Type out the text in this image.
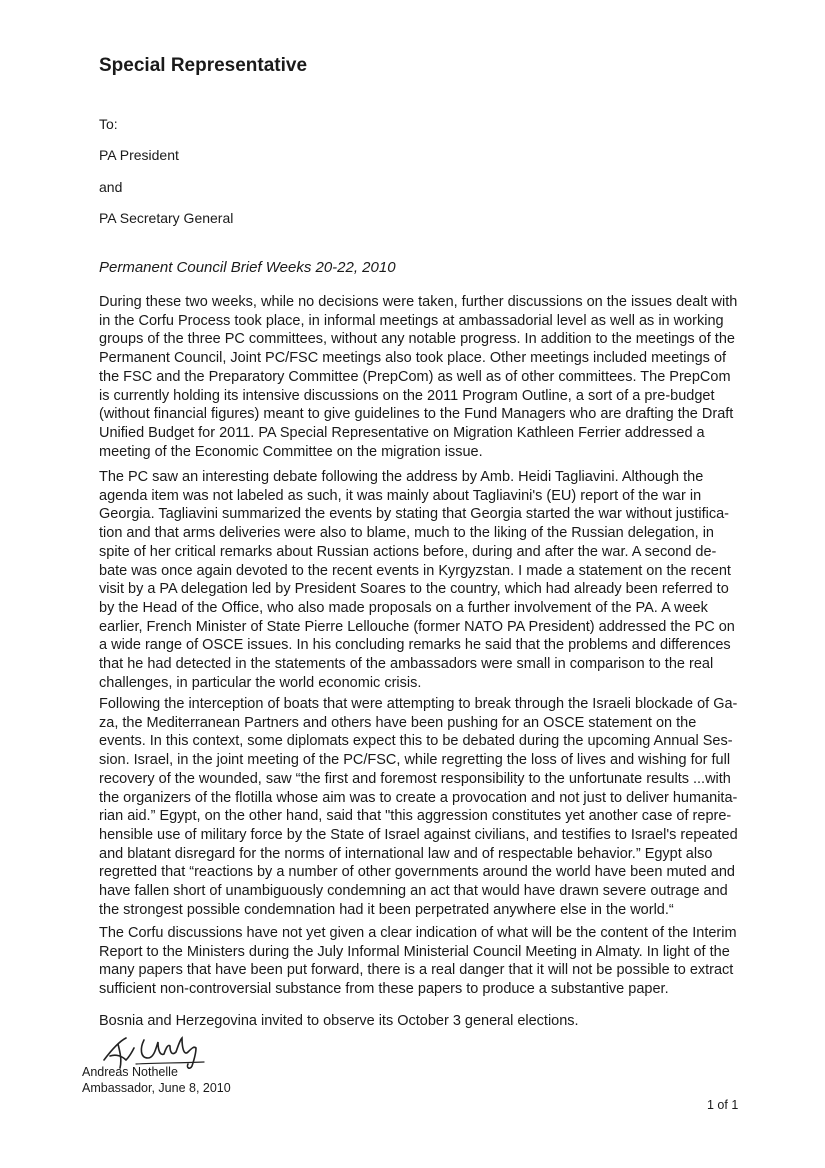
Special Representative

To:

PA President

and

PA Secretary General

Permanent Council Brief Weeks 20-22, 2010

During these two weeks, while no decisions were taken, further discussions on the issues dealt with
in the Corfu Process took place, in informal meetings at ambassadorial level as well as in working
groups of the three PC committees, without any notable progress. In addition to the meetings of the
Permanent Council, Joint PC/FSC meetings also took place. Other meetings included meetings of
the FSC and the Preparatory Committee (PrepCom) as well as of other committees. The PrepCom
is currently holding its intensive discussions on the 2011 Program Outline, a sort of a pre-budget
(without financial figures) meant to give guidelines to the Fund Managers who are drafting the Draft
Unified Budget for 2011. PA Special Representative on Migration Kathleen Ferrier addressed a
meeting of the Economic Committee on the migration issue.
The PC saw an interesting debate following the address by Amb. Heidi Tagliavini. Although the
agenda item was not labeled as such, it was mainly about Tagliavini's (EU) report of the war in
Georgia. Tagliavini summarized the events by stating that Georgia started the war without justifica-
tion and that arms deliveries were also to blame, much to the liking of the Russian delegation, in
spite of her critical remarks about Russian actions before, during and after the war. A second de-
bate was once again devoted to the recent events in Kyrgyzstan. I made a statement on the recent
visit by a PA delegation led by President Soares to the country, which had already been referred to
by the Head of the Office, who also made proposals on a further involvement of the PA. A week
earlier, French Minister of State Pierre Lellouche (former NATO PA President) addressed the PC on
a wide range of OSCE issues. In his concluding remarks he said that the problems and differences
that he had detected in the statements of the ambassadors were small in comparison to the real
challenges, in particular the world economic crisis.
Following the interception of boats that were attempting to break through the Israeli blockade of Ga-
za, the Mediterranean Partners and others have been pushing for an OSCE statement on the
events. In this context, some diplomats expect this to be debated during the upcoming Annual Ses-
sion. Israel, in the joint meeting of the PC/FSC, while regretting the loss of lives and wishing for full
recovery of the wounded, saw “the first and foremost responsibility to the unfortunate results ...with
the organizers of the flotilla whose aim was to create a provocation and not just to deliver humanita-
rian aid.” Egypt, on the other hand, said that "this aggression constitutes yet another case of repre-
hensible use of military force by the State of Israel against civilians, and testifies to Israel's repeated
and blatant disregard for the norms of international law and of respectable behavior.” Egypt also
regretted that “reactions by a number of other governments around the world have been muted and
have fallen short of unambiguously condemning an act that would have drawn severe outrage and
the strongest possible condemnation had it been perpetrated anywhere else in the world.“
The Corfu discussions have not yet given a clear indication of what will be the content of the Interim
Report to the Ministers during the July Informal Ministerial Council Meeting in Almaty. In light of the
many papers that have been put forward, there is a real danger that it will not be possible to extract
sufficient non-controversial substance from these papers to produce a substantive paper.

Bosnia and Herzegovina invited to observe its October 3 general elections.

Andreas Nothelle
Ambassador, June 8, 2010

1 of 1
